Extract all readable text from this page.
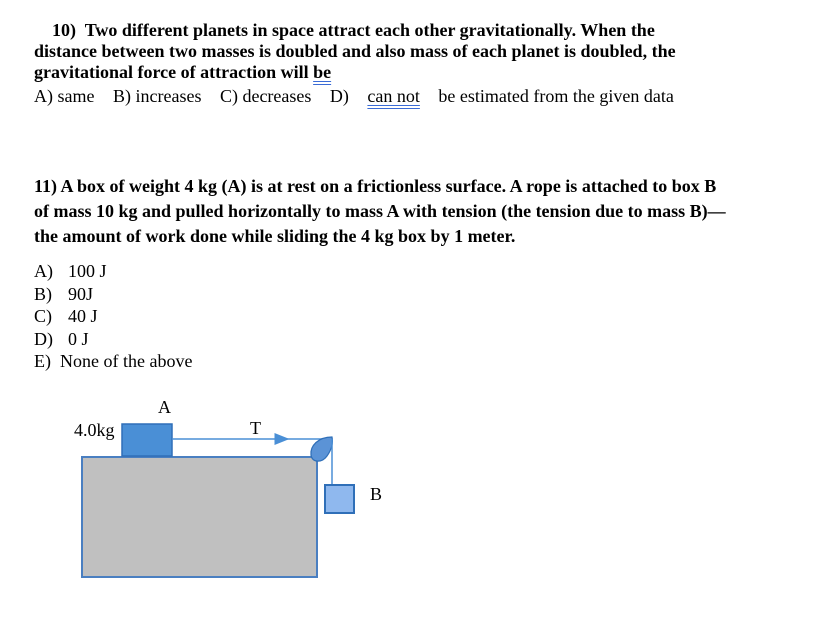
10) Two different planets in space attract each other gravitationally. When the
distance between two masses is doubled and also mass of each planet is doubled, the
gravitational force of attraction will be

A) same B) increases C) decreases D) can not be estimated from the given data

11) A box of weight 4 kg (A) is at rest on a frictionless surface. A rope is attached to box B
of mass 10 kg and pulled horizontally to mass A with tension (the tension due to mass B)—
the amount of work done while sliding the 4 kg box by 1 meter.

A) 100 J
B) 90J
C) 40 J
D) 0 J
E) None of the above
A
4.0kg	T
B
